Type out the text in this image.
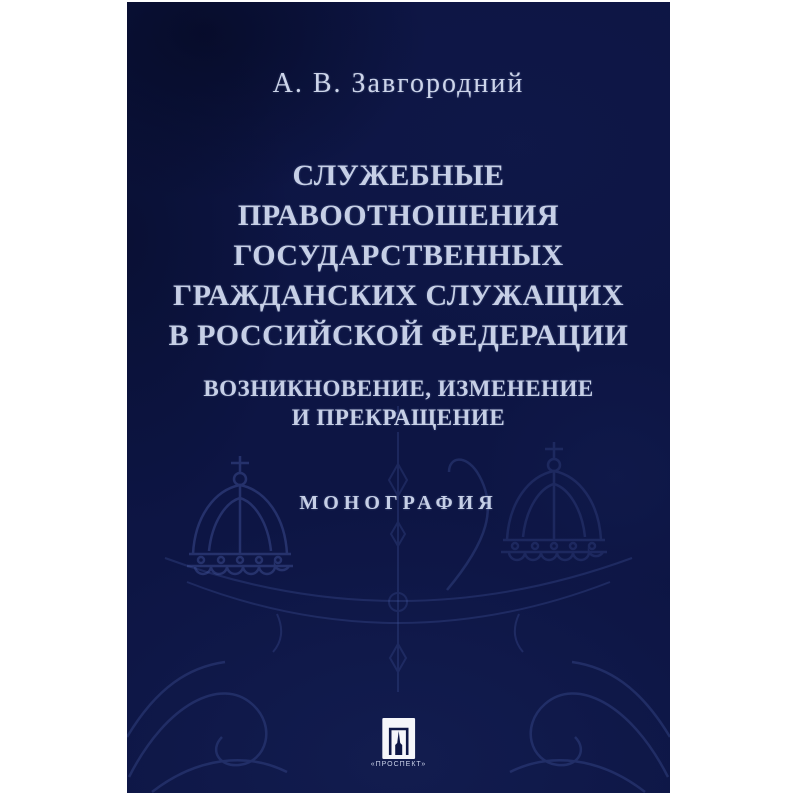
А. В. Завгородний
СЛУЖЕБНЫЕ
ПРАВООТНОШЕНИЯ
ГОСУДАРСТВЕННЫХ
ГРАЖДАНСКИХ СЛУЖАЩИХ
В РОССИЙСКОЙ ФЕДЕРАЦИИ
ВОЗНИКНОВЕНИЕ, ИЗМЕНЕНИЕ
И ПРЕКРАЩЕНИЕ
МОНОГРАФИЯ
«ПРОСПЕКТ»
